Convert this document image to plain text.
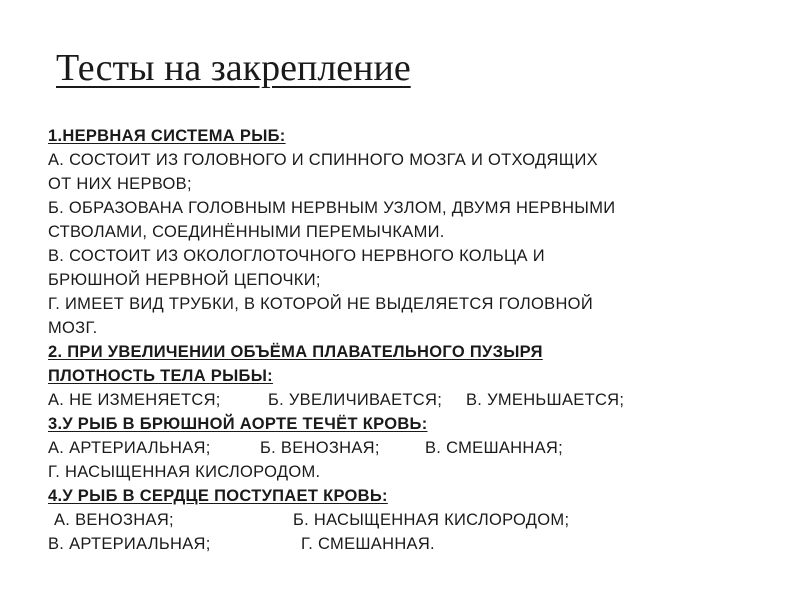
Тесты на закрепление
1.НЕРВНАЯ СИСТЕМА РЫБ:
А. СОСТОИТ ИЗ ГОЛОВНОГО И СПИННОГО МОЗГА И ОТХОДЯЩИХ
ОТ НИХ НЕРВОВ;
Б. ОБРАЗОВАНА ГОЛОВНЫМ НЕРВНЫМ УЗЛОМ, ДВУМЯ НЕРВНЫМИ
СТВОЛАМИ, СОЕДИНЁННЫМИ ПЕРЕМЫЧКАМИ.
В. СОСТОИТ ИЗ ОКОЛОГЛОТОЧНОГО НЕРВНОГО КОЛЬЦА И
БРЮШНОЙ НЕРВНОЙ ЦЕПОЧКИ;
Г. ИМЕЕТ ВИД ТРУБКИ, В КОТОРОЙ НЕ ВЫДЕЛЯЕТСЯ ГОЛОВНОЙ
МОЗГ.
2. ПРИ УВЕЛИЧЕНИИ ОБЪЁМА ПЛАВАТЕЛЬНОГО ПУЗЫРЯ
ПЛОТНОСТЬ ТЕЛА РЫБЫ:
А. НЕ ИЗМЕНЯЕТСЯ;	Б. УВЕЛИЧИВАЕТСЯ; В. УМЕНЬШАЕТСЯ;
3.У РЫБ В БРЮШНОЙ АОРТЕ ТЕЧЁТ КРОВЬ:
А. АРТЕРИАЛЬНАЯ;	Б. ВЕНОЗНАЯ;	В. СМЕШАННАЯ;
Г. НАСЫЩЕННАЯ КИСЛОРОДОМ.
4.У РЫБ В СЕРДЦЕ ПОСТУПАЕТ КРОВЬ:
А. ВЕНОЗНАЯ;	Б. НАСЫЩЕННАЯ КИСЛОРОДОМ;
В. АРТЕРИАЛЬНАЯ;	Г. СМЕШАННАЯ.
